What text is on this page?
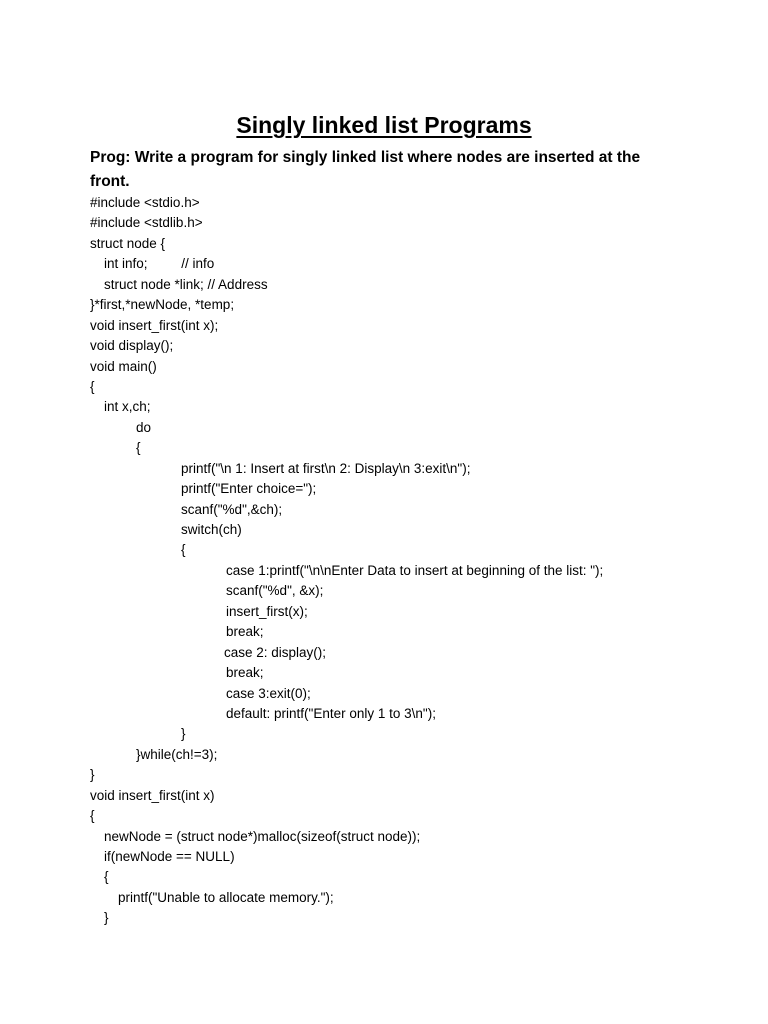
Singly linked list Programs
Prog: Write a program for singly linked list where nodes are inserted at the front.
#include <stdio.h>
#include <stdlib.h>
struct node {
int info;         // info
struct node *link; // Address
}*first,*newNode, *temp;
void insert_first(int x);
void display();
void main()
{
int x,ch;
do
{
printf("\n 1: Insert at first\n 2: Display\n 3:exit\n");
printf("Enter choice=");
scanf("%d",&ch);
switch(ch)
{
case 1:printf("\n\nEnter Data to insert at beginning of the list: ");
scanf("%d", &x);
insert_first(x);
break;
case 2: display();
break;
case 3:exit(0);
default: printf("Enter only 1 to 3\n");
}
}while(ch!=3);
}
void insert_first(int x)
{
newNode = (struct node*)malloc(sizeof(struct node));
if(newNode == NULL)
{
printf("Unable to allocate memory.");
}
